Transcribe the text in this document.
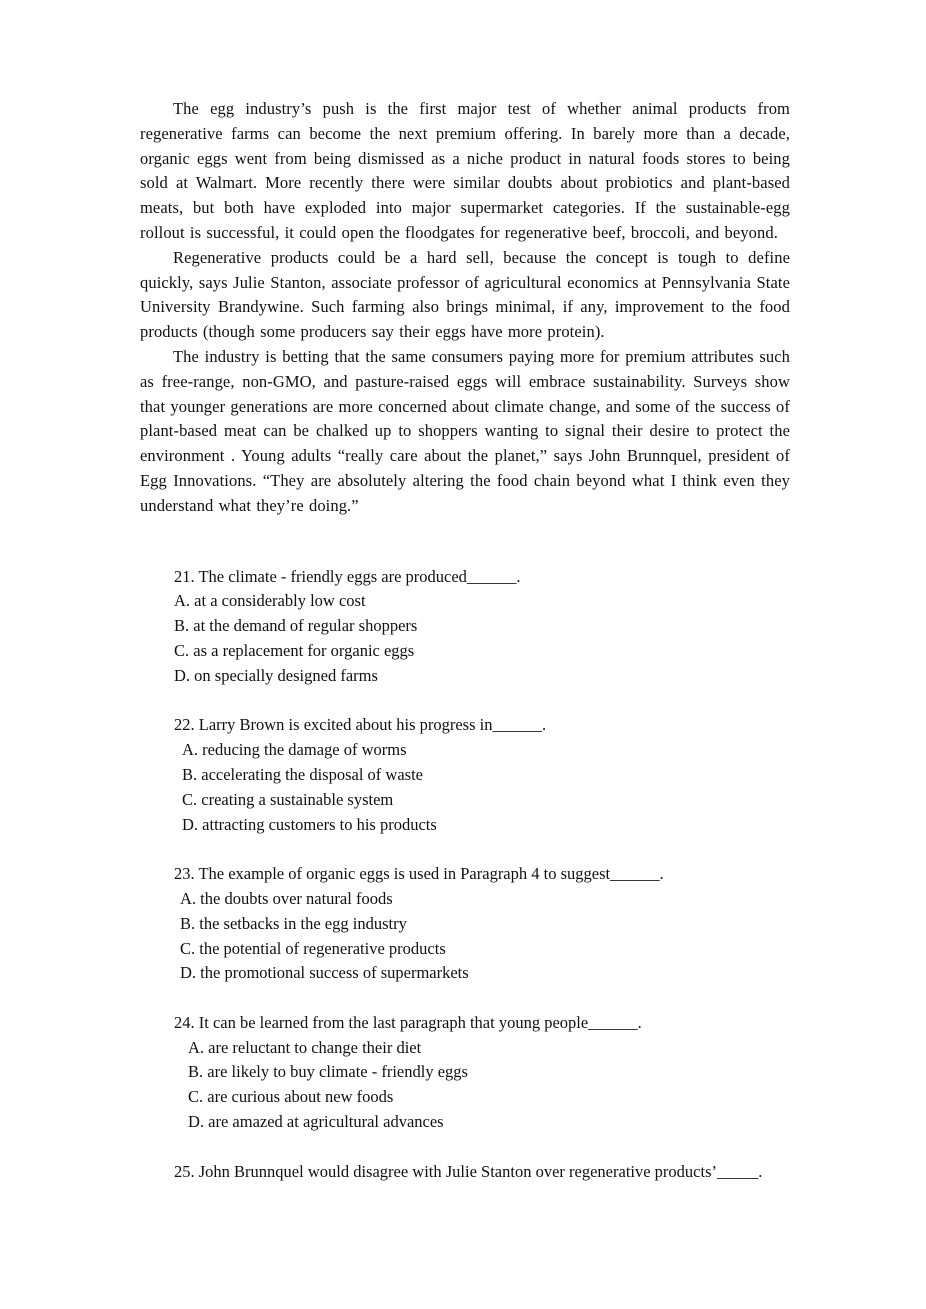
The egg industry’s push is the first major test of whether animal products from regenerative farms can become the next premium offering. In barely more than a decade, organic eggs went from being dismissed as a niche product in natural foods stores to being sold at Walmart. More recently there were similar doubts about probiotics and plant-based meats, but both have exploded into major supermarket categories. If the sustainable-egg rollout is successful, it could open the floodgates for regenerative beef, broccoli, and beyond.

Regenerative products could be a hard sell, because the concept is tough to define quickly, says Julie Stanton, associate professor of agricultural economics at Pennsylvania State University Brandywine. Such farming also brings minimal, if any, improvement to the food products (though some producers say their eggs have more protein).

The industry is betting that the same consumers paying more for premium attributes such as free-range, non-GMO, and pasture-raised eggs will embrace sustainability. Surveys show that younger generations are more concerned about climate change, and some of the success of plant-based meat can be chalked up to shoppers wanting to signal their desire to protect the environment . Young adults “really care about the planet,” says John Brunnquel, president of Egg Innovations. “They are absolutely altering the food chain beyond what I think even they understand what they’re doing.”

21. The climate - friendly eggs are produced______.
A. at a considerably low cost
B. at the demand of regular shoppers
C. as a replacement for organic eggs
D. on specially designed farms
22. Larry Brown is excited about his progress in______.
A. reducing the damage of worms
B. accelerating the disposal of waste
C. creating a sustainable system
D. attracting customers to his products
23. The example of organic eggs is used in Paragraph 4 to suggest______.
A. the doubts over natural foods
B. the setbacks in the egg industry
C. the potential of regenerative products
D. the promotional success of supermarkets
24. It can be learned from the last paragraph that young people______.
A. are reluctant to change their diet
B. are likely to buy climate - friendly eggs
C. are curious about new foods
D. are amazed at agricultural advances
25. John Brunnquel would disagree with Julie Stanton over regenerative products’_____.
